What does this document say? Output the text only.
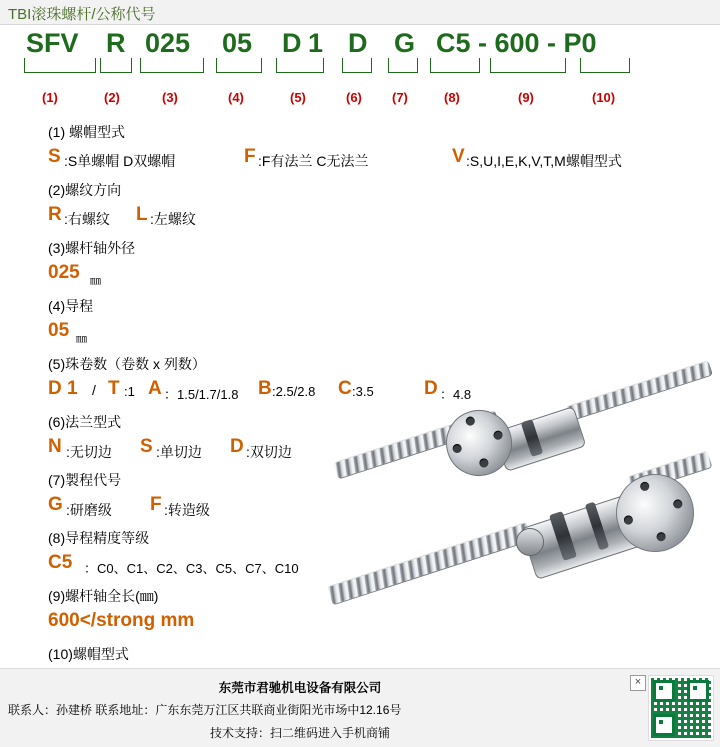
TBI滚珠螺杆/公称代号
SFV R 025 05 D 1 D G C5 - 600 - P0
(1)	(2)	(3)	(4)	(5)	(6) (7)	(8)	(9)	(10)
(1) 螺帽型式
S :S单螺帽 D双螺帽	F :F有法兰 C无法兰	V :S,U,I,E,K,V,T,M螺帽型式
(2)螺纹方向
R :右螺纹 L :左螺纹
(3)螺杆轴外径
025 ㎜
(4)导程
05 ㎜
(5)珠卷数（卷数 x 列数）
D 1 / T :1 A ：1.5/1.7/1.8 B :2.5/2.8 C :3.5	D ：4.8
(6)法兰型式
N :无切边 S :单切边 D :双切边
(7)製程代号
G :研磨级 F :转造级
(8)导程精度等级
C5 ：C0、C1、C2、C3、C5、C7、C10
(9)螺杆轴全长(㎜)
600</strong mm
(10)螺帽型式
东莞市君驰机电设备有限公司
联系人：孙建桥 联系地址：广东东莞万江区共联商业街阳光市场中12.16号
技术支持：扫二维码进入手机商铺
×
